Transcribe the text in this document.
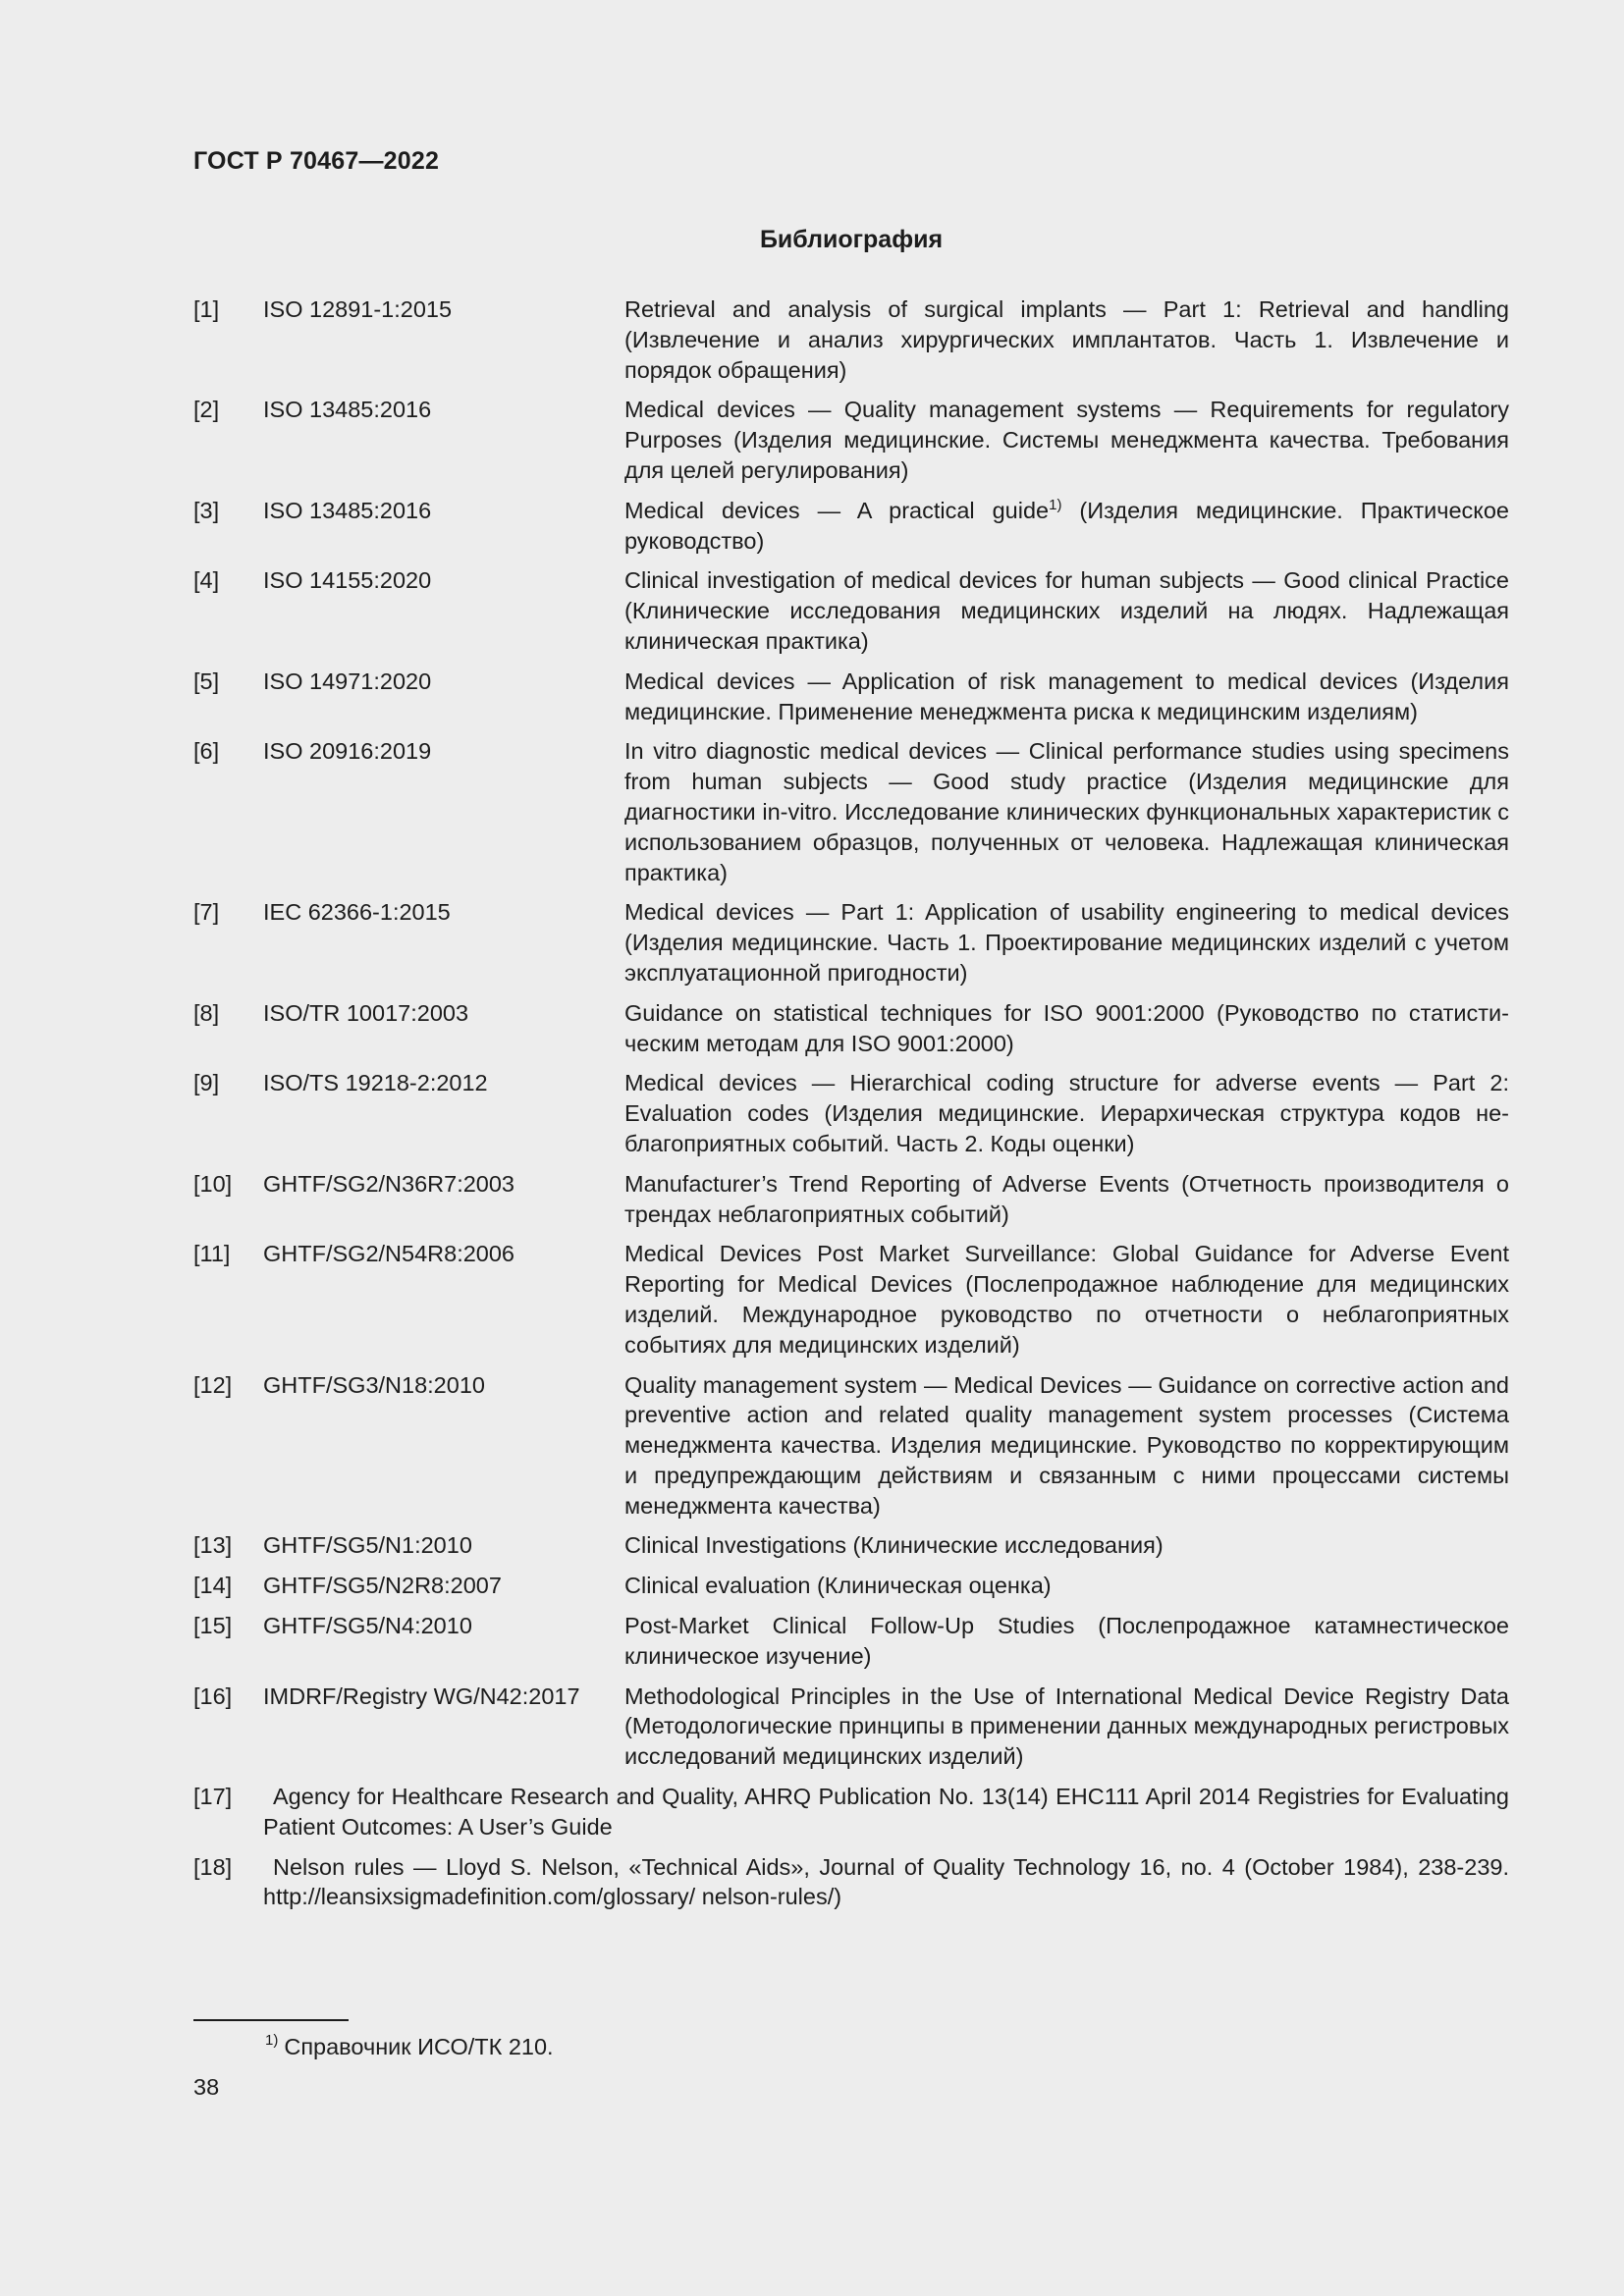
ГОСТ Р 70467—2022
Библиография
[1]	ISO 12891-1:2015	Retrieval and analysis of surgical implants — Part 1: Retrieval and handling (Извлечение и анализ хирургических имплантатов. Часть 1. Извлечение и порядок обращения)
[2]	ISO 13485:2016	Medical devices — Quality management systems — Requirements for regulatory Purposes (Изделия медицинские. Системы менеджмента качества. Требования для целей регулирования)
[3]	ISO 13485:2016	Medical devices — A practical guide$^{1)}$ (Изделия медицинские. Практическое руководство)
[4]	ISO 14155:2020	Clinical investigation of medical devices for human subjects — Good clinical Practice (Клинические исследования медицинских изделий на людях. Надлежащая клиническая практика)
[5]	ISO 14971:2020	Medical devices — Application of risk management to medical devices (Изделия медицинские. Применение менеджмента риска к медицинским изделиям)
[6]	ISO 20916:2019	In vitro diagnostic medical devices — Clinical performance studies using specimens from human subjects — Good study practice (Изделия медицинские для диагностики in-vitro. Исследование клинических функциональных характеристик с использованием образцов, полученных от человека. Надлежащая клиническая практика)
[7]	IEC 62366-1:2015	Medical devices — Part 1: Application of usability engineering to medical devices (Изделия медицинские. Часть 1. Проектирование медицинских изделий с учетом эксплуатационной пригодности)
[8]	ISO/TR 10017:2003	Guidance on statistical techniques for ISO 9001:2000 (Руководство по статистическим методам для ISO 9001:2000)
[9]	ISO/TS 19218-2:2012	Medical devices — Hierarchical coding structure for adverse events — Part 2: Evaluation codes (Изделия медицинские. Иерархическая структура кодов неблагоприятных событий. Часть 2. Коды оценки)
[10]	GHTF/SG2/N36R7:2003	Manufacturer’s Trend Reporting of Adverse Events (Отчетность производителя о трендах неблагоприятных событий)
[11]	GHTF/SG2/N54R8:2006	Medical Devices Post Market Surveillance: Global Guidance for Adverse Event Reporting for Medical Devices (Послепродажное наблюдение для медицинских изделий. Международное руководство по отчетности о неблагоприятных событиях для медицинских изделий)
[12]	GHTF/SG3/N18:2010	Quality management system — Medical Devices — Guidance on corrective action and preventive action and related quality management system processes (Система менеджмента качества. Изделия медицинские. Руководство по корректирующим и предупреждающим действиям и связанным с ними процессами системы менеджмента качества)
[13]	GHTF/SG5/N1:2010	Clinical Investigations (Клинические исследования)
[14]	GHTF/SG5/N2R8:2007	Clinical evaluation (Клиническая оценка)
[15]	GHTF/SG5/N4:2010	Post-Market Clinical Follow-Up Studies (Послепродажное катамнестическое клиническое изучение)
[16]	IMDRF/Registry WG/N42:2017	Methodological Principles in the Use of International Medical Device Registry Data (Методологические принципы в применении данных международных регистровых исследований медицинских изделий)
[17]	Agency for Healthcare Research and Quality, AHRQ Publication No. 13(14) EHC111 April 2014 Registries for Evaluating Patient Outcomes: A User’s Guide
[18]	Nelson rules — Lloyd S. Nelson, «Technical Aids», Journal of Quality Technology 16, no. 4 (October 1984), 238-239. http://leansixsigmadefinition.com/glossary/ nelson-rules/)
$^{1)}$ Справочник ИСО/ТК 210.
38
